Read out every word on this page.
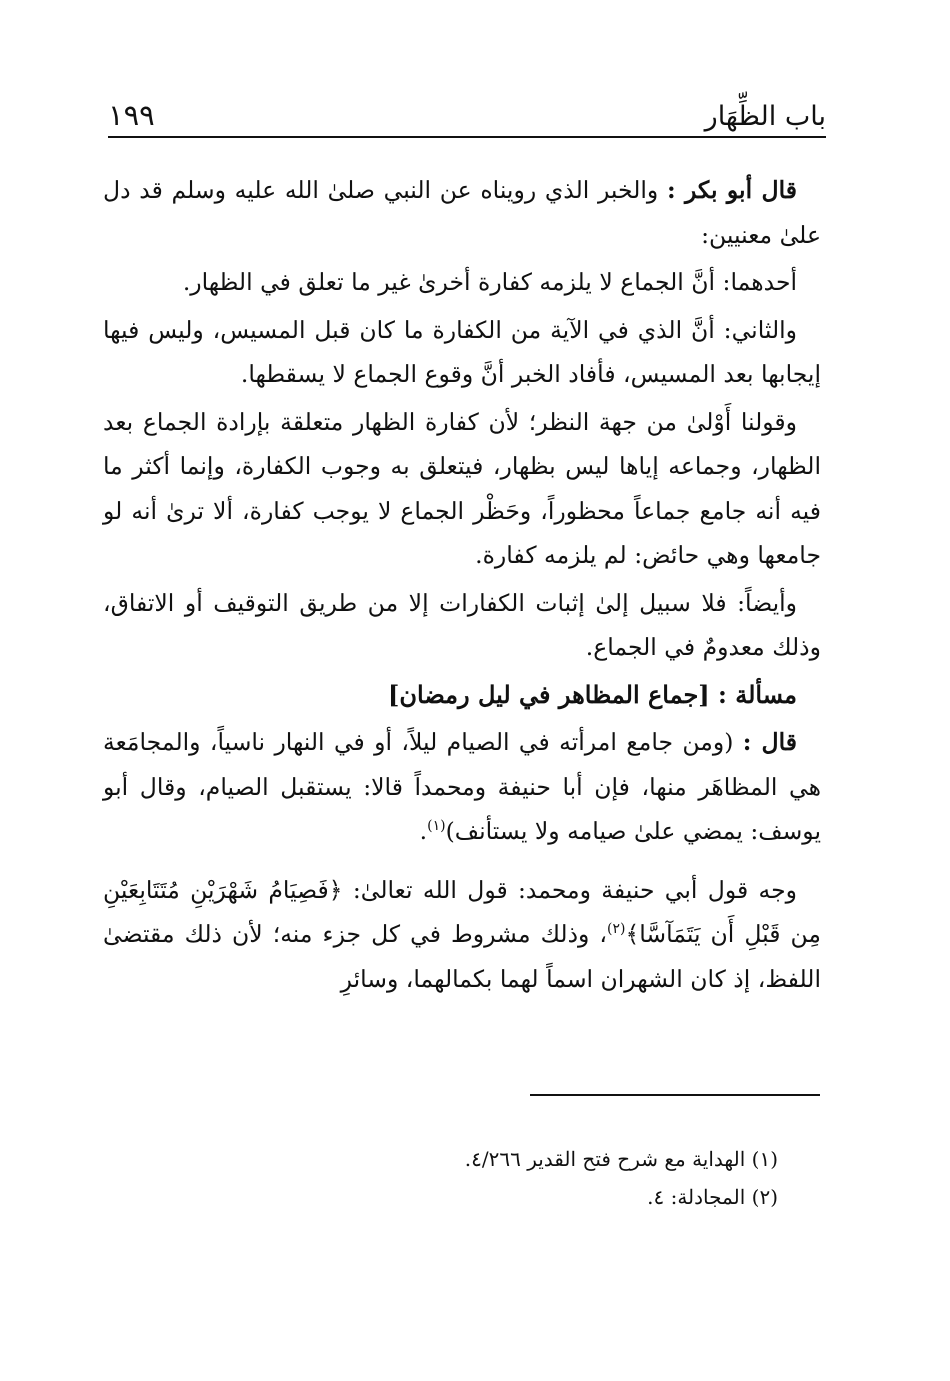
باب الظِّهَار
١٩٩

قال أبو بكر : والخبر الذي رويناه عن النبي صلىٰ الله عليه وسلم قد دل علىٰ معنيين:

أحدهما: أنَّ الجماع لا يلزمه كفارة أخرىٰ غير ما تعلق في الظهار.

والثاني: أنَّ الذي في الآية من الكفارة ما كان قبل المسيس، وليس فيها إيجابها بعد المسيس، فأفاد الخبر أنَّ وقوع الجماع لا يسقطها.

وقولنا أَوْلىٰ من جهة النظر؛ لأن كفارة الظهار متعلقة بإرادة الجماع بعد الظهار، وجماعه إياها ليس بظهار، فيتعلق به وجوب الكفارة، وإنما أكثر ما فيه أنه جامع جماعاً محظوراً، وحَظْر الجماع لا يوجب كفارة، ألا ترىٰ أنه لو جامعها وهي حائض: لم يلزمه كفارة.

وأيضاً: فلا سبيل إلىٰ إثبات الكفارات إلا من طريق التوقيف أو الاتفاق، وذلك معدومٌ في الجماع.

مسألة : [جماع المظاهر في ليل رمضان]

قال : (ومن جامع امرأته في الصيام ليلاً، أو في النهار ناسياً، والمجامَعة هي المظاهَر منها، فإن أبا حنيفة ومحمداً قالا: يستقبل الصيام، وقال أبو يوسف: يمضي علىٰ صيامه ولا يستأنف)$^{(١)}$.

وجه قول أبي حنيفة ومحمد: قول الله تعالىٰ: ﴿فَصِيَامُ شَهْرَيْنِ مُتَتَابِعَيْنِ مِن قَبْلِ أَن يَتَمَآسَّا﴾$^{(٢)}$، وذلك مشروط في كل جزء منه؛ لأن ذلك مقتضىٰ اللفظ، إذ كان الشهران اسماً لهما بكمالهما، وسائرِ

(١) الهداية مع شرح فتح القدير ٤/٢٦٦.
(٢) المجادلة: ٤.
